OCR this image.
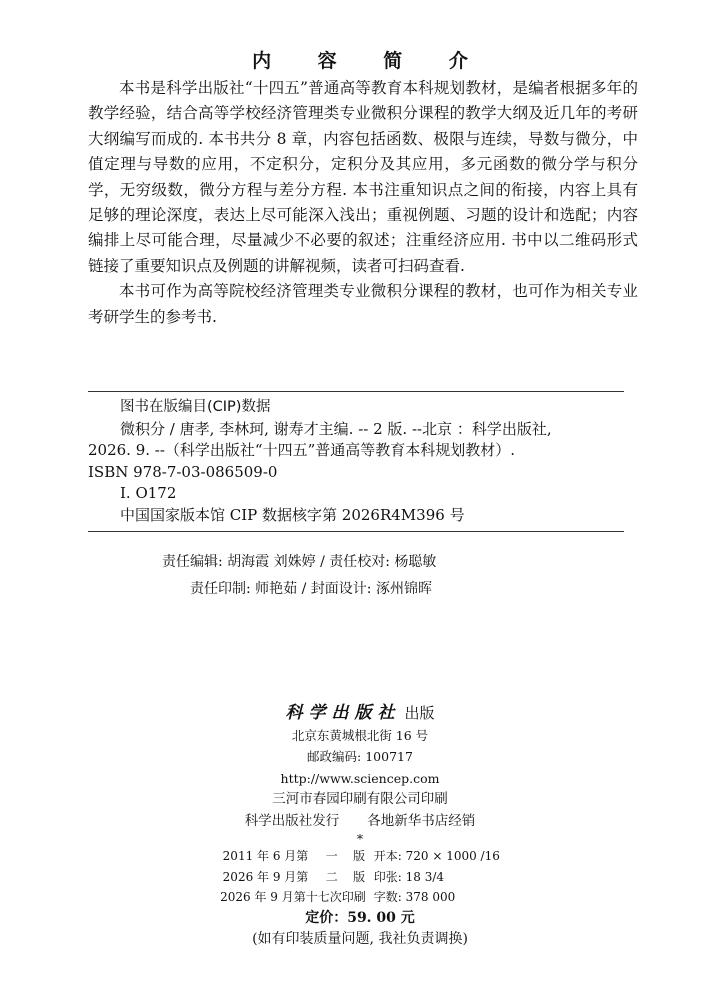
内 容 简 介

本书是科学出版社“十四五”普通高等教育本科规划教材，是编者根据多年的教学经验，结合高等学校经济管理类专业微积分课程的教学大纲及近几年的考研大纲编写而成的. 本书共分 8 章，内容包括函数、极限与连续，导数与微分，中值定理与导数的应用，不定积分，定积分及其应用，多元函数的微分学与积分学，无穷级数，微分方程与差分方程. 本书注重知识点之间的衔接，内容上具有足够的理论深度，表达上尽可能深入浅出；重视例题、习题的设计和选配；内容编排上尽可能合理，尽量减少不必要的叙述；注重经济应用. 书中以二维码形式链接了重要知识点及例题的讲解视频，读者可扫码查看.

本书可作为高等院校经济管理类专业微积分课程的教材，也可作为相关专业考研学生的参考书.

图书在版编目(CIP)数据
微积分 / 唐孝, 李林珂, 谢寿才主编. -- 2 版. --北京 ：科学出版社,
2026. 9. --（科学出版社“十四五”普通高等教育本科规划教材）.
ISBN 978-7-03-086509-0
Ⅰ. O172
中国国家版本馆 CIP 数据核字第 2026R4M396 号
责任编辑: 胡海霞 刘姝婷 / 责任校对: 杨聪敏
责任印制: 师艳茹 / 封面设计: 涿州锦晖
科学出版社 出版
北京东黄城根北街 16 号
邮政编码: 100717
http://www.sciencep.com
三河市春园印刷有限公司印刷
科学出版社发行 各地新华书店经销
*
2011 年 6 月第	一	版	开本: 720 × 1000 /16
2026 年 9 月第	二	版	印张: 18 3/4
2026 年 9 月第十七次印刷			字数: 378 000
定价：59. 00 元
(如有印装质量问题, 我社负责调换)
